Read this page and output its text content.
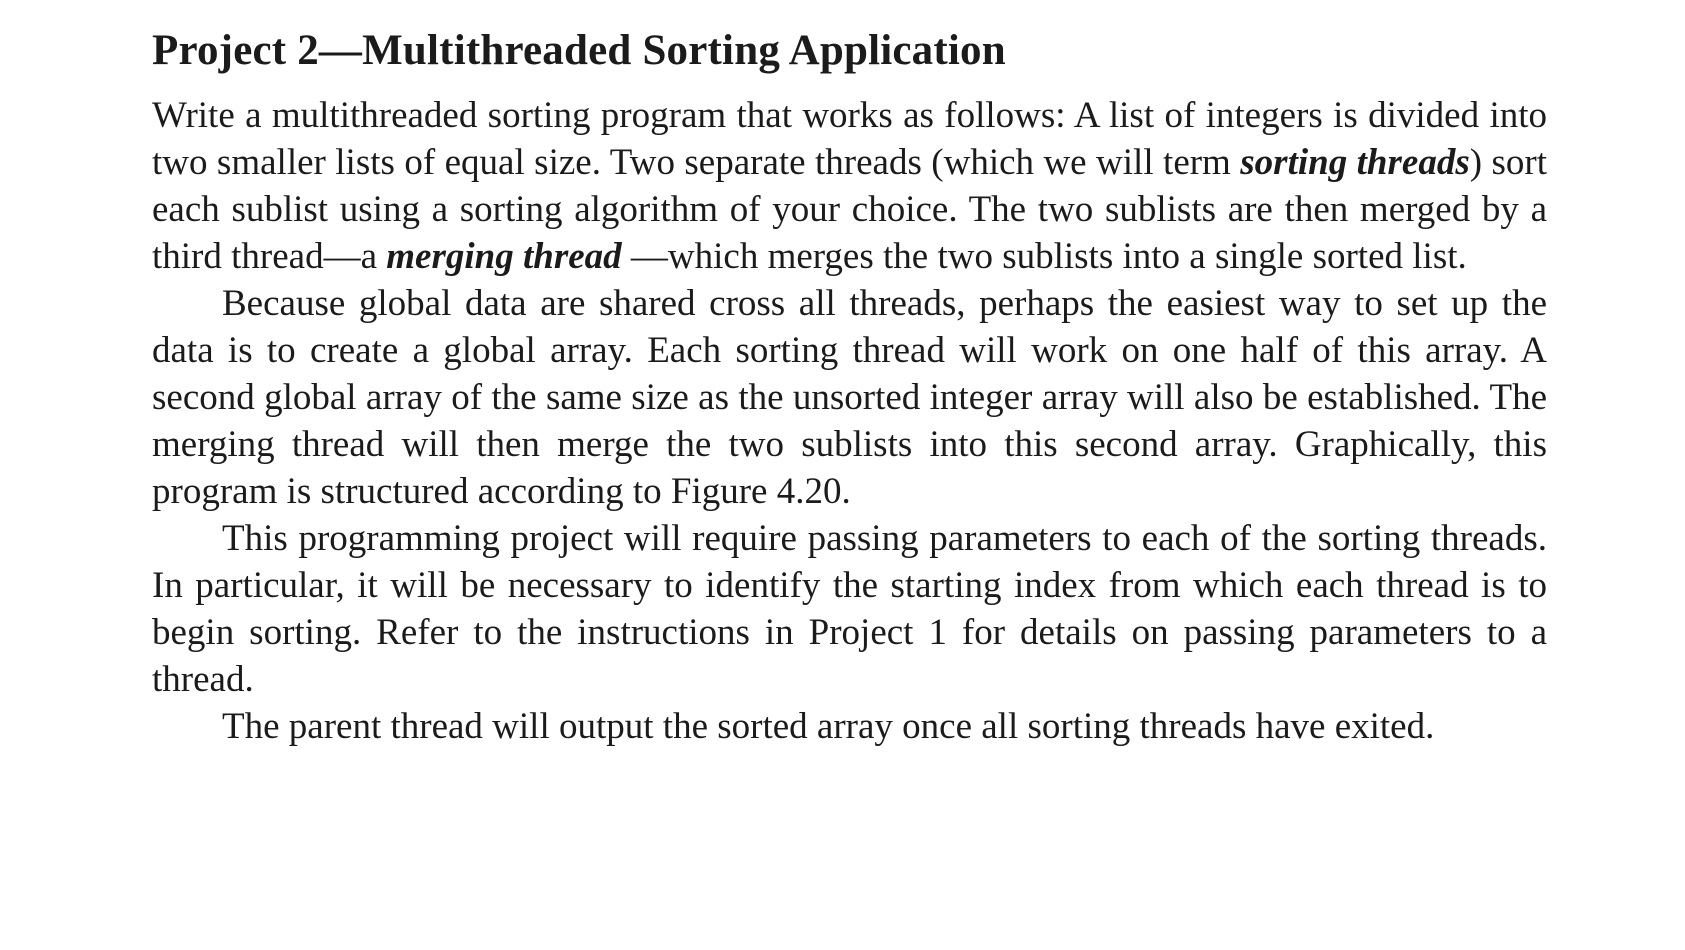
Project 2—Multithreaded Sorting Application

Write a multithreaded sorting program that works as follows: A list of integers is divided into two smaller lists of equal size. Two separate threads (which we will term sorting threads) sort each sublist using a sorting algorithm of your choice. The two sublists are then merged by a third thread—a merging thread —which merges the two sublists into a single sorted list.

Because global data are shared cross all threads, perhaps the easiest way to set up the data is to create a global array. Each sorting thread will work on one half of this array. A second global array of the same size as the unsorted integer array will also be established. The merging thread will then merge the two sublists into this second array. Graphically, this program is structured according to Figure 4.20.

This programming project will require passing parameters to each of the sorting threads. In particular, it will be necessary to identify the starting index from which each thread is to begin sorting. Refer to the instructions in Project 1 for details on passing parameters to a thread.

The parent thread will output the sorted array once all sorting threads have exited.
